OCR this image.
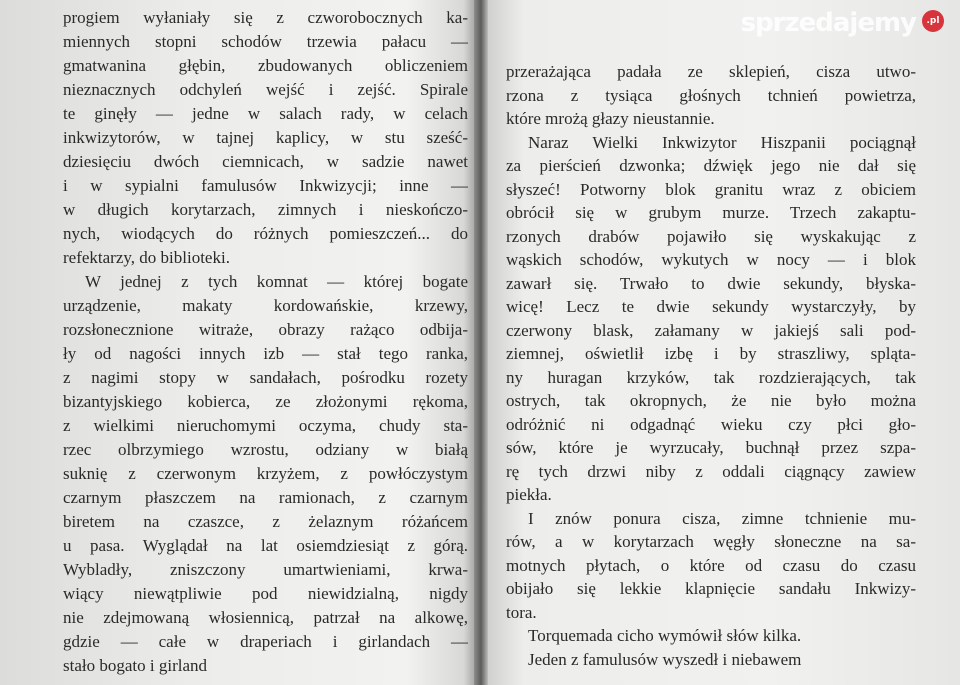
progiem wyłaniały się z czworobocznych ka-
miennych stopni schodów trzewia pałacu —
gmatwanina głębin, zbudowanych obliczeniem
nieznacznych odchyleń wejść i zejść. Spirale
te ginęły — jedne w salach rady, w celach
inkwizytorów, w tajnej kaplicy, w stu sześć-
dziesięciu dwóch ciemnicach, w sadzie nawet
i w sypialni famulusów Inkwizycji; inne —
w długich korytarzach, zimnych i nieskończo-
nych, wiodących do różnych pomieszczeń... do
refektarzy, do biblioteki.
W jednej z tych komnat — której bogate
urządzenie, makaty kordowańskie, krzewy,
rozsłonecznione witraże, obrazy rażąco odbija-
ły od nagości innych izb — stał tego ranka,
z nagimi stopy w sandałach, pośrodku rozety
bizantyjskiego kobierca, ze złożonymi rękoma,
z wielkimi nieruchomymi oczyma, chudy sta-
rzec olbrzymiego wzrostu, odziany w białą
suknię z czerwonym krzyżem, z powłóczystym
czarnym płaszczem na ramionach, z czarnym
biretem na czaszce, z żelaznym różańcem
u pasa. Wyglądał na lat osiemdziesiąt z górą.
Wybladły, zniszczony umartwieniami, krwa-
wiący niewątpliwie pod niewidzialną, nigdy
nie zdejmowaną włosiennicą, patrzał na alkowę,
gdzie — całe w draperiach i girlandach —
stało bogato i girland
przerażająca padała ze sklepień, cisza utwo-
rzona z tysiąca głośnych tchnień powietrza,
które mrożą głazy nieustannie.
Naraz Wielki Inkwizytor Hiszpanii pociągnął
za pierścień dzwonka; dźwięk jego nie dał się
słyszeć! Potworny blok granitu wraz z obiciem
obrócił się w grubym murze. Trzech zakaptu-
rzonych drabów pojawiło się wyskakując z
wąskich schodów, wykutych w nocy — i blok
zawarł się. Trwało to dwie sekundy, błyska-
wicę! Lecz te dwie sekundy wystarczyły, by
czerwony blask, załamany w jakiejś sali pod-
ziemnej, oświetlił izbę i by straszliwy, spląta-
ny huragan krzyków, tak rozdzierających, tak
ostrych, tak okropnych, że nie było można
odróżnić ni odgadnąć wieku czy płci gło-
sów, które je wyrzucały, buchnął przez szpa-
rę tych drzwi niby z oddali ciągnący zawiew
piekła.
I znów ponura cisza, zimne tchnienie mu-
rów, a w korytarzach węgły słoneczne na sa-
motnych płytach, o które od czasu do czasu
obijało się lekkie klapnięcie sandału Inkwizy-
tora.
Torquemada cicho wymówił słów kilka.
Jeden z famulusów wyszedł i niebawem
sprzedajemy	.pl
